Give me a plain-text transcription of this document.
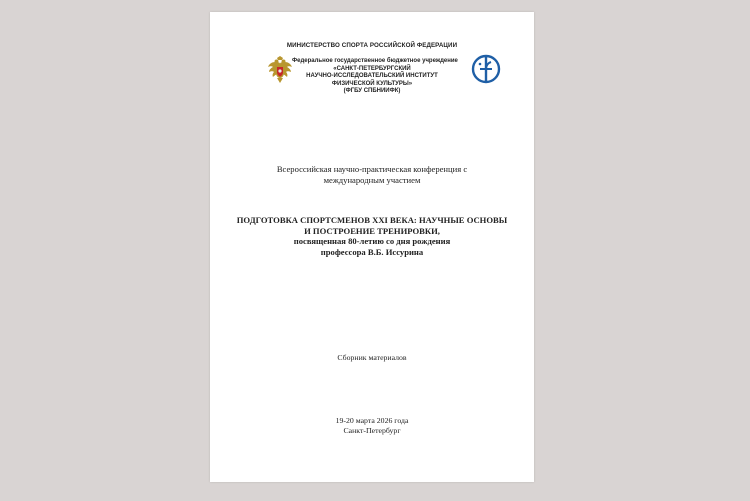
МИНИСТЕРСТВО СПОРТА РОССИЙСКОЙ ФЕДЕРАЦИИ
Федеральное государственное бюджетное учреждение
«САНКТ-ПЕТЕРБУРГСКИЙ
НАУЧНО-ИССЛЕДОВАТЕЛЬСКИЙ ИНСТИТУТ
ФИЗИЧЕСКОЙ КУЛЬТУРЫ»
(ФГБУ СПБНИИФК)
Всероссийская научно-практическая конференция с
международным участием
ПОДГОТОВКА СПОРТСМЕНОВ XXI ВЕКА: НАУЧНЫЕ ОСНОВЫ
И ПОСТРОЕНИЕ ТРЕНИРОВКИ,
посвященная 80-летию со дня рождения
профессора В.Б. Иссурина
Сборник материалов
19-20 марта 2026 года
Санкт-Петербург
